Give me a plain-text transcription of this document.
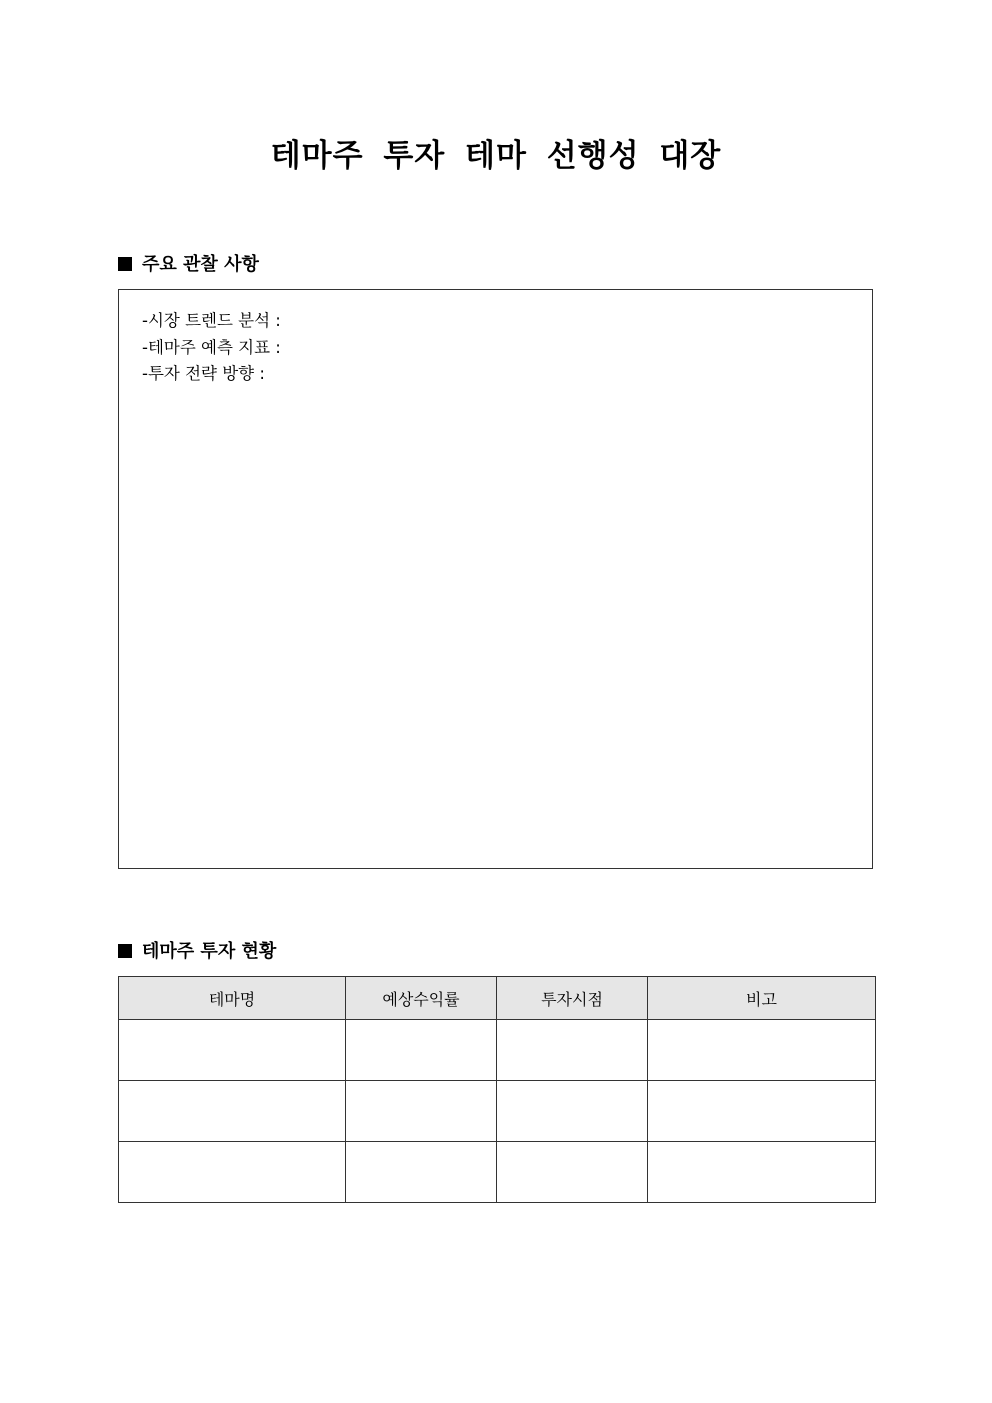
테마주 투자 테마 선행성 대장
주요 관찰 사항
-시장 트렌드 분석 :
-테마주 예측 지표 :
-투자 전략 방향 :
테마주 투자 현황
테마명	예상수익률	투자시점	비고
